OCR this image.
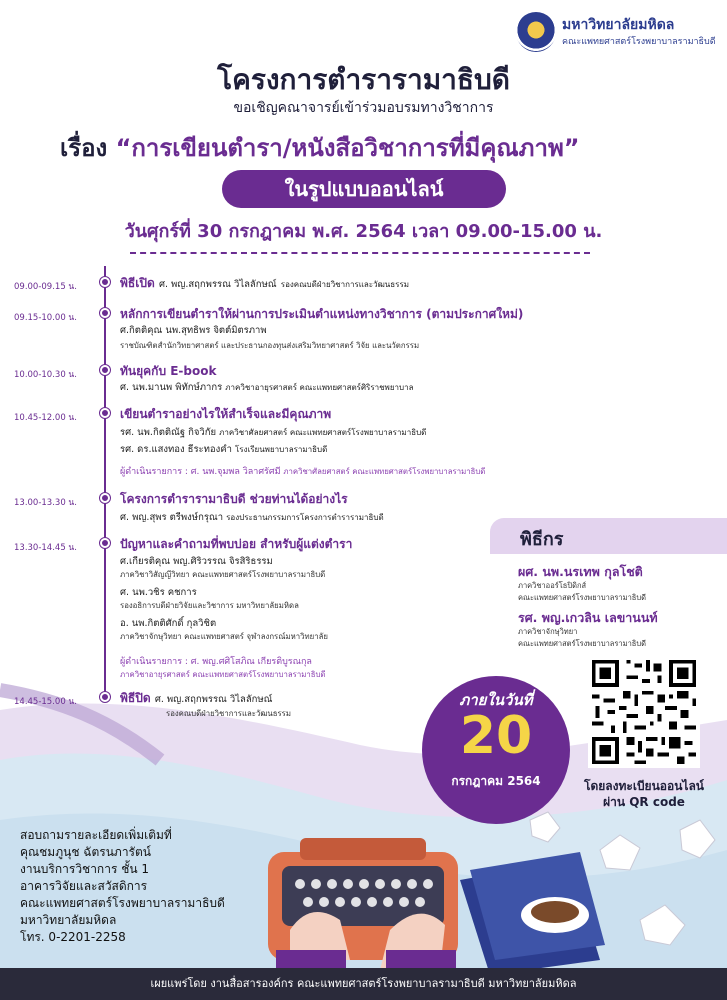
มหาวิทยาลัยมหิดล
คณะแพทยศาสตร์โรงพยาบาลรามาธิบดี
โครงการตำรารามาธิบดี
ขอเชิญคณาจารย์เข้าร่วมอบรมทางวิชาการ
เรื่อง “การเขียนตำรา/หนังสือวิชาการที่มีคุณภาพ”
ในรูปแบบออนไลน์
วันศุกร์ที่ 30 กรกฎาคม พ.ศ. 2564 เวลา 09.00-15.00 น.
09.00-09.15 น.	พิธีเปิด ศ. พญ.สฤกพรรณ วิไลลักษณ์ รองคณบดีฝ่ายวิชาการและวัฒนธรรม
09.15-10.00 น.	หลักการเขียนตำราให้ผ่านการประเมินตำแหน่งทางวิชาการ (ตามประกาศใหม่)
ศ.กิตติคุณ นพ.สุทธิพร จิตต์มิตรภาพ
ราชบัณฑิตสำนักวิทยาศาสตร์ และประธานกองทุนส่งเสริมวิทยาศาสตร์ วิจัย และนวัตกรรม
10.00-10.30 น.	ทันยุคกับ E-book
ศ. นพ.มานพ พิทักษ์ภากร ภาควิชาอายุรศาสตร์ คณะแพทยศาสตร์ศิริราชพยาบาล
10.45-12.00 น.	เขียนตำราอย่างไรให้สำเร็จและมีคุณภาพ
รศ. นพ.กิตติณัฐ กิจวิกัย ภาควิชาศัลยศาสตร์ คณะแพทยศาสตร์โรงพยาบาลรามาธิบดี
รศ. ดร.แสงทอง ธีระทองคำ โรงเรียนพยาบาลรามาธิบดี
ผู้ดำเนินรายการ : ศ. นพ.จุมพล วิลาศรัศมี ภาควิชาศัลยศาสตร์ คณะแพทยศาสตร์โรงพยาบาลรามาธิบดี
13.00-13.30 น.	โครงการตำรารามาธิบดี ช่วยท่านได้อย่างไร
ศ. พญ.สุพร ตรีพงษ์กรุณา รองประธานกรรมการโครงการตำรารามาธิบดี
13.30-14.45 น.	ปัญหาและคำถามที่พบบ่อย สำหรับผู้แต่งตำรา
ศ.เกียรติคุณ พญ.ศิริวรรณ จิรสิริธรรม
ภาควิชาวิสัญญีวิทยา คณะแพทยศาสตร์โรงพยาบาลรามาธิบดี
ศ. นพ.วชิร คชการ
รองอธิการบดีฝ่ายวิจัยและวิชาการ มหาวิทยาลัยมหิดล
อ. นพ.กิตติศักดิ์ กุลวิชิต
ภาควิชาจักษุวิทยา คณะแพทยศาสตร์ จุฬาลงกรณ์มหาวิทยาลัย
ผู้ดำเนินรายการ : ศ. พญ.ศศิโสภิณ เกียรติบูรณกุล
ภาควิชาอายุรศาสตร์ คณะแพทยศาสตร์โรงพยาบาลรามาธิบดี
14.45-15.00 น.	พิธีปิด ศ. พญ.สฤกพรรณ วิไลลักษณ์
รองคณบดีฝ่ายวิชาการและวัฒนธรรม
พิธีกร
ผศ. นพ.นรเทพ กุลโชติ
ภาควิชาออร์โธปิดิกส์
คณะแพทยศาสตร์โรงพยาบาลรามาธิบดี
รศ. พญ.เกวลิน เลขานนท์
ภาควิชาจักษุวิทยา
คณะแพทยศาสตร์โรงพยาบาลรามาธิบดี
ภายในวันที่
20
กรกฎาคม 2564	โดยลงทะเบียนออนไลน์
ผ่าน QR code
สอบถามรายละเอียดเพิ่มเติมที่
คุณชมภูนุช ฉัตรนภารัตน์
งานบริการวิชาการ ชั้น 1
อาคารวิจัยและสวัสดิการ
คณะแพทยศาสตร์โรงพยาบาลรามาธิบดี
มหาวิทยาลัยมหิดล
โทร. 0-2201-2258
เผยแพร่โดย งานสื่อสารองค์กร คณะแพทยศาสตร์โรงพยาบาลรามาธิบดี มหาวิทยาลัยมหิดล
